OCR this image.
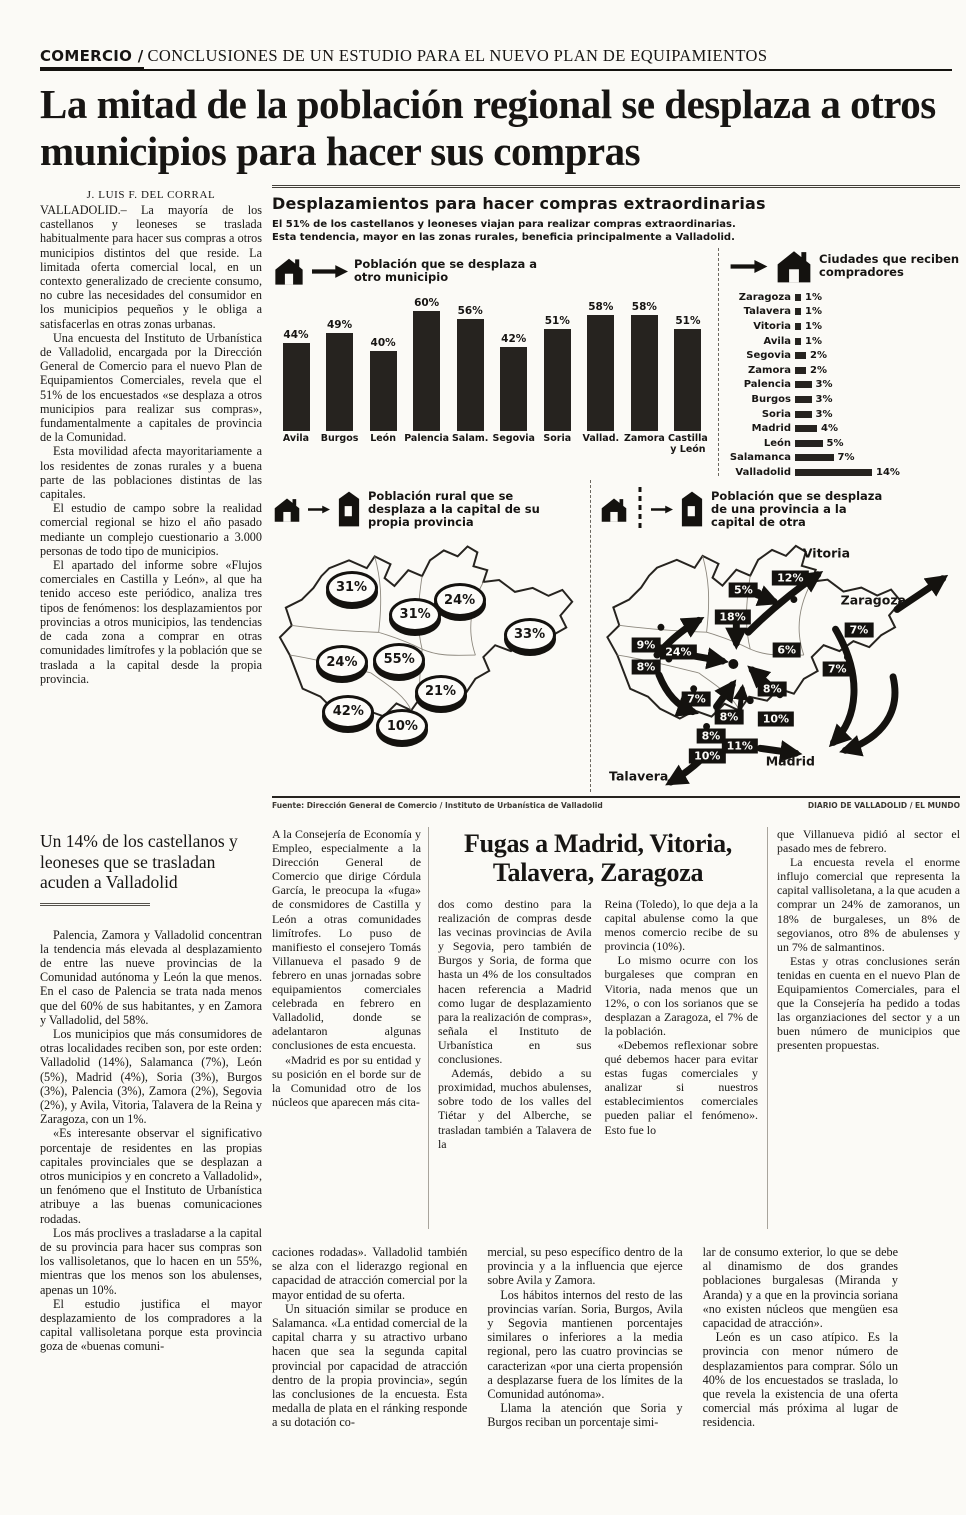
COMERCIO / CONCLUSIONES DE UN ESTUDIO PARA EL NUEVO PLAN DE EQUIPAMIENTOS
La mitad de la población regional se desplaza a otros municipios para hacer sus compras
J. LUIS F. DEL CORRAL

VALLADOLID.– La mayoría de los castellanos y leoneses se traslada habitualmente para hacer sus compras a otros municipios distintos del que reside. La limitada oferta comercial local, en un contexto generalizado de creciente consumo, no cubre las necesidades del consumidor en los municipios pequeños y le obliga a satisfacerlas en otras zonas urbanas.

Una encuesta del Instituto de Urbanística de Valladolid, encargada por la Dirección General de Comercio para el nuevo Plan de Equipamientos Comerciales, revela que el 51% de los encuestados «se desplaza a otros municipios para realizar sus compras», fundamentalmente a capitales de provincia de la Comunidad.

Esta movilidad afecta mayoritariamente a los residentes de zonas rurales y a buena parte de las poblaciones distintas de las capitales.

El estudio de campo sobre la realidad comercial regional se hizo el año pasado mediante un complejo cuestionario a 3.000 personas de todo tipo de municipios.

El apartado del informe sobre «Flujos comerciales en Castilla y León», al que ha tenido acceso este periódico, analiza tres tipos de fenómenos: los desplazamientos por provincias a otros municipios, las tendencias de cada zona a comprar en otras comunidades limítrofes y la población que se traslada a la capital desde la propia provincia.

Desplazamientos para hacer compras extraordinarias
El 51% de los castellanos y leoneses viajan para realizar compras extraordinarias. Esta tendencia, mayor en las zonas rurales, beneficia principalmente a Valladolid.
Población que se desplaza a otro municipio
44%
Avila
49%
Burgos
40%
León
60%
Palencia
56%
Salam.
42%
Segovia
51%
Soria
58%
Vallad.
58%
Zamora
51%
Castilla y León
Ciudades que reciben compradores
Zaragoza	1%
Talavera	1%
Vitoria	1%
Avila	1%
Segovia	2%
Zamora	2%
Palencia	3%
Burgos	3%
Soria	3%
Madrid	4%
León	5%
Salamanca	7%
Valladolid	14%
Población rural que se desplaza a la capital de su propia provincia
31%
24%
31%
33%
24%	55%
21%
42%
10%
Población que se desplaza de una provincia a la capital de otra
12%
5%
18%
7%
9%
24%	6%
8%	7%
8%
7%
8%	10%
8%
11%
10%
Vitoria
Zaragoza
Madrid
Talavera
Fuente: Dirección General de Comercio / Instituto de Urbanística de Valladolid	DIARIO DE VALLADOLID / EL MUNDO
Un 14% de los castellanos y leoneses que se trasladan acuden a Valladolid

Palencia, Zamora y Valladolid concentran la tendencia más elevada al desplazamiento de entre las nueve provincias de la Comunidad autónoma y León la que menos. En el caso de Palencia se trata nada menos que del 60% de sus habitantes, y en Zamora y Valladolid, del 58%.

Los municipios que más consumidores de otras localidades reciben son, por este orden: Valladolid (14%), Salamanca (7%), León (5%), Madrid (4%), Soria (3%), Burgos (3%), Palencia (3%), Zamora (2%), Segovia (2%), y Avila, Vitoria, Talavera de la Reina y Zaragoza, con un 1%.

«Es interesante observar el significativo porcentaje de residentes en las propias capitales provinciales que se desplazan a otros municipios y en concreto a Valladolid», un fenómeno que el Instituto de Urbanística atribuye a las buenas comunicaciones rodadas.

Los más proclives a trasladarse a la capital de su provincia para hacer sus compras son los vallisoletanos, que lo hacen en un 55%, mientras que los menos son los abulenses, apenas un 10%.

El estudio justifica el mayor desplazamiento de los compradores a la capital vallisoletana porque esta provincia goza de «buenas comuni-

A la Consejería de Economía y Empleo, especialmente a la Dirección General de Comercio que dirige Córdula García, le preocupa la «fuga» de consmidores de Castilla y León a otras comunidades limítrofes. Lo puso de manifiesto el consejero Tomás Villanueva el pasado 9 de febrero en unas jornadas sobre equipamientos comerciales celebrada en febrero en Valladolid, donde se adelantaron algunas conclusiones de esta encuesta.

«Madrid es por su entidad y su posición en el borde sur de la Comunidad otro de los núcleos que aparecen más cita-

Fugas a Madrid, Vitoria, Talavera, Zaragoza

dos como destino para la realización de compras desde las vecinas provincias de Avila y Segovia, pero también de Burgos y Soria, de forma que hasta un 4% de los consultados hacen referencia a Madrid como lugar de desplazamiento para la realización de compras», señala el Instituto de Urbanística en sus conclusiones.

Además, debido a su proximidad, muchos abulenses, sobre todo de los valles del Tiétar y del Alberche, se trasladan también a Talavera de la

Reina (Toledo), lo que deja a la capital abulense como la que menos comercio recibe de su provincia (10%).

Lo mismo ocurre con los burgaleses que compran en Vitoria, nada menos que un 12%, o con los sorianos que se desplazan a Zaragoza, el 7% de la población.

«Debemos reflexionar sobre qué debemos hacer para evitar estas fugas comerciales y analizar si nuestros establecimientos comerciales pueden paliar el fenómeno». Esto fue lo

que Villanueva pidió al sector el pasado mes de febrero.

La encuesta revela el enorme influjo comercial que representa la capital vallisoletana, a la que acuden a comprar un 24% de zamoranos, un 18% de burgaleses, un 8% de segovianos, otro 8% de abulenses y un 7% de salmantinos.

Estas y otras conclusiones serán tenidas en cuenta en el nuevo Plan de Equipamientos Comerciales, para el que la Consejería ha pedido a todas las organziaciones del sector y a un buen número de municipios que presenten propuestas.

caciones rodadas». Valladolid también se alza con el liderazgo regional en capacidad de atracción comercial por la mayor entidad de su oferta.

Un situación similar se produce en Salamanca. «La entidad comercial de la capital charra y su atractivo urbano hacen que sea la segunda capital provincial por capacidad de atracción dentro de la propia provincia», según las conclusiones de la encuesta. Esta medalla de plata en el ránking responde a su dotación co-

mercial, su peso específico dentro de la provincia y a la influencia que ejerce sobre Avila y Zamora.

Los hábitos internos del resto de las provincias varían. Soria, Burgos, Avila y Segovia mantienen porcentajes similares o inferiores a la media regional, pero las cuatro provincias se caracterizan «por una cierta propensión a desplazarse fuera de los límites de la Comunidad autónoma».

Llama la atención que Soria y Burgos reciban un porcentaje simi-

lar de consumo exterior, lo que se debe al dinamismo de dos grandes poblaciones burgalesas (Miranda y Aranda) y a que en la provincia soriana «no existen núcleos que mengüen esa capacidad de atracción».

León es un caso atípico. Es la provincia con menor número de desplazamientos para comprar. Sólo un 40% de los encuestados se traslada, lo que revela la existencia de una oferta comercial más próxima al lugar de residencia.
